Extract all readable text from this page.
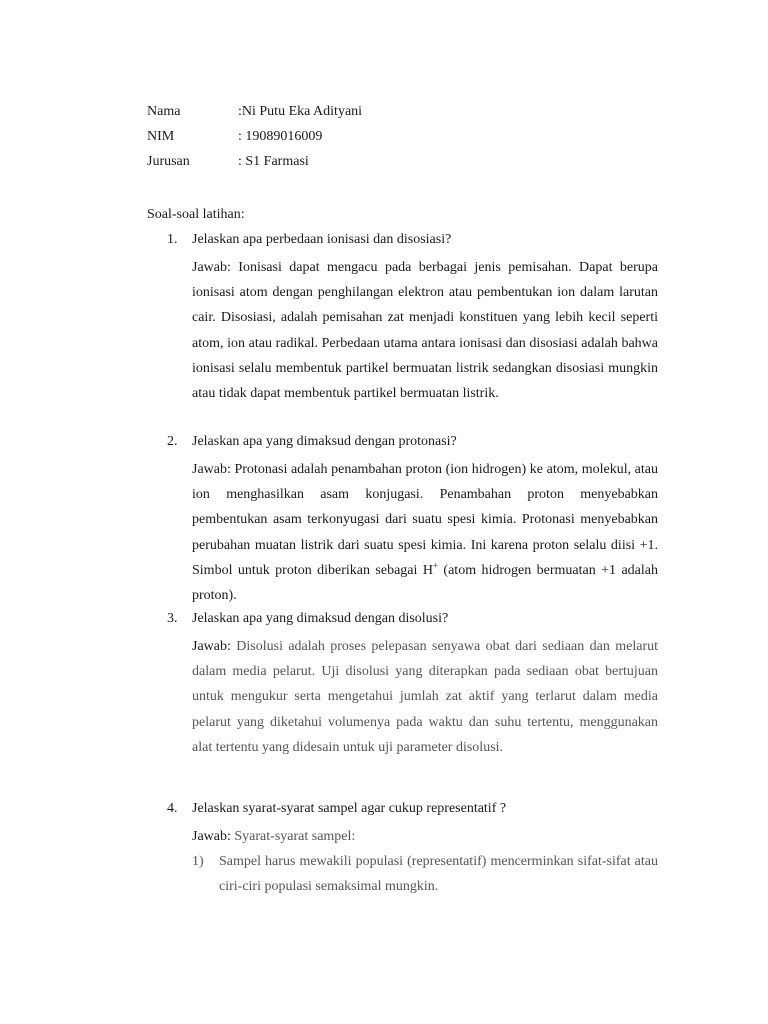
Nama	:Ni Putu Eka Adityani
NIM	: 19089016009
Jurusan	: S1 Farmasi
Soal-soal latihan:
1.	Jelaskan apa perbedaan ionisasi dan disosiasi?
Jawab: Ionisasi dapat mengacu pada berbagai jenis pemisahan. Dapat berupa ionisasi atom dengan penghilangan elektron atau pembentukan ion dalam larutan cair. Disosiasi, adalah pemisahan zat menjadi konstituen yang lebih kecil seperti atom, ion atau radikal. Perbedaan utama antara ionisasi dan disosiasi adalah bahwa ionisasi selalu membentuk partikel bermuatan listrik sedangkan disosiasi mungkin atau tidak dapat membentuk partikel bermuatan listrik.
2.	Jelaskan apa yang dimaksud dengan protonasi?
Jawab: Protonasi adalah penambahan proton (ion hidrogen) ke atom, molekul, atau ion menghasilkan asam konjugasi. Penambahan proton menyebabkan pembentukan asam terkonyugasi dari suatu spesi kimia. Protonasi menyebabkan perubahan muatan listrik dari suatu spesi kimia. Ini karena proton selalu diisi +1. Simbol untuk proton diberikan sebagai H+ (atom hidrogen bermuatan +1 adalah proton).
3.	Jelaskan apa yang dimaksud dengan disolusi?
Jawab: Disolusi adalah proses pelepasan senyawa obat dari sediaan dan melarut dalam media pelarut. Uji disolusi yang diterapkan pada sediaan obat bertujuan untuk mengukur serta mengetahui jumlah zat aktif yang terlarut dalam media pelarut yang diketahui volumenya pada waktu dan suhu tertentu, menggunakan alat tertentu yang didesain untuk uji parameter disolusi.
4.	Jelaskan syarat-syarat sampel agar cukup representatif ?
Jawab: Syarat-syarat sampel:
1)	Sampel harus mewakili populasi (representatif) mencerminkan sifat-sifat atau ciri-ciri populasi semaksimal mungkin.
